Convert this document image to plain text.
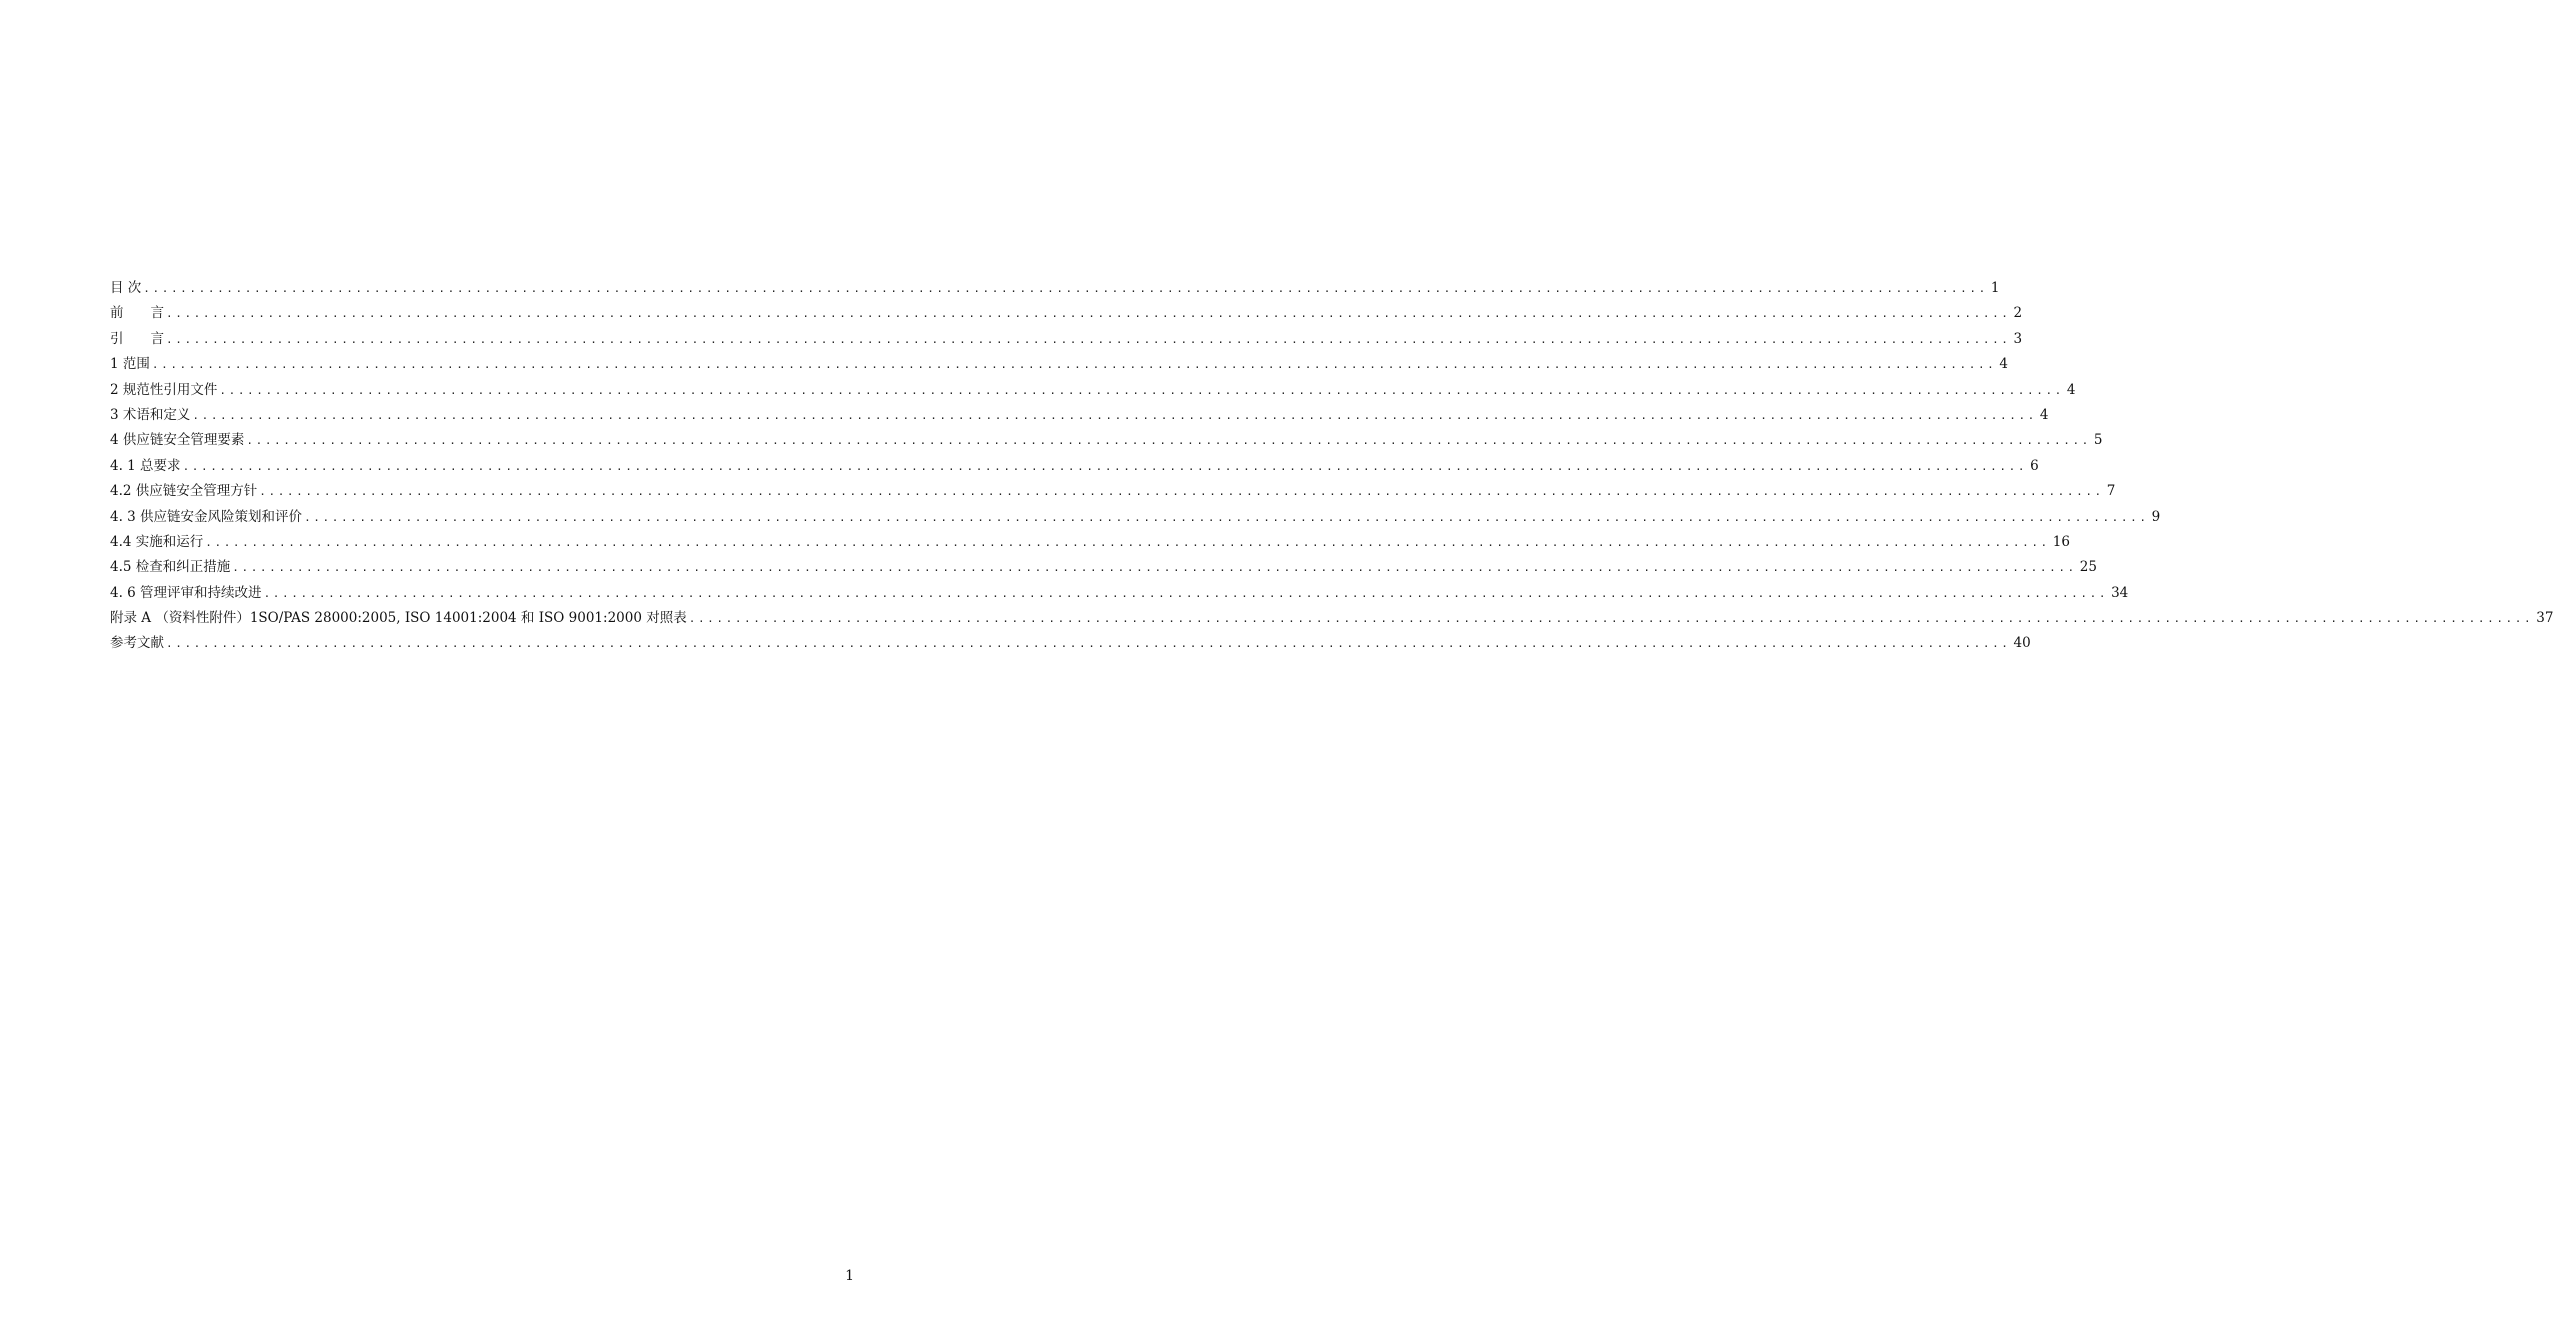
目 次 ........................................................................................................................................................................................................ 1
前　　言 ........................................................................................................................................................................................................ 2
引　　言 ........................................................................................................................................................................................................ 3
1 范围 ........................................................................................................................................................................................................ 4
2 规范性引用文件 ........................................................................................................................................................................................................ 4
3 术语和定义 ........................................................................................................................................................................................................ 4
4 供应链安全管理要素 ........................................................................................................................................................................................................ 5
4. 1 总要求 ........................................................................................................................................................................................................ 6
4.2 供应链安全管理方针 ........................................................................................................................................................................................................ 7
4. 3 供应链安金风险策划和评价 ........................................................................................................................................................................................................ 9
4.4 实施和运行 ........................................................................................................................................................................................................ 16
4.5 检查和纠正措施 ........................................................................................................................................................................................................ 25
4. 6 管理评审和持续改进 ........................................................................................................................................................................................................ 34
附录 A （资料性附件）1SO/PAS 28000:2005, ISO 14001:2004 和 ISO 9001:2000 对照表 ........................................................................................................................................................................................................ 37
参考文献 ........................................................................................................................................................................................................ 40
1
